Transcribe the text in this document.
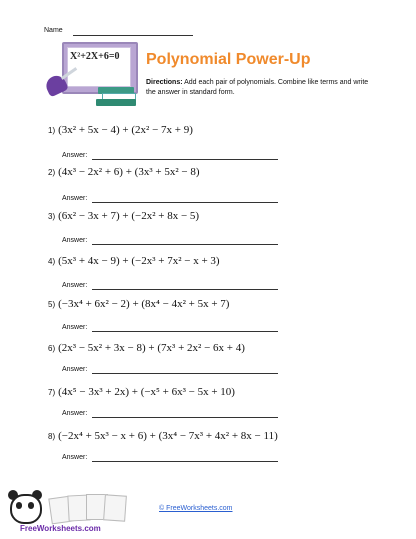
Name
X²+2X+6=0 Polynomial Power-Up
Directions: Add each pair of polynomials. Combine like terms and write the answer in standard form.
1) (3x² + 5x − 4) + (2x² − 7x + 9)
Answer:
2) (4x³ − 2x² + 6) + (3x³ + 5x² − 8)
Answer:
3) (6x² − 3x + 7) + (−2x² + 8x − 5)
Answer:
4) (5x³ + 4x − 9) + (−2x³ + 7x² − x + 3)
Answer:
5) (−3x⁴ + 6x² − 2) + (8x⁴ − 4x² + 5x + 7)
Answer:
6) (2x³ − 5x² + 3x − 8) + (7x³ + 2x² − 6x + 4)
Answer:
7) (4x⁵ − 3x³ + 2x) + (−x⁵ + 6x³ − 5x + 10)
Answer:
8) (−2x⁴ + 5x³ − x + 6) + (3x⁴ − 7x³ + 4x² + 8x − 11)
Answer:
FreeWorksheets.com
© FreeWorksheets.com
